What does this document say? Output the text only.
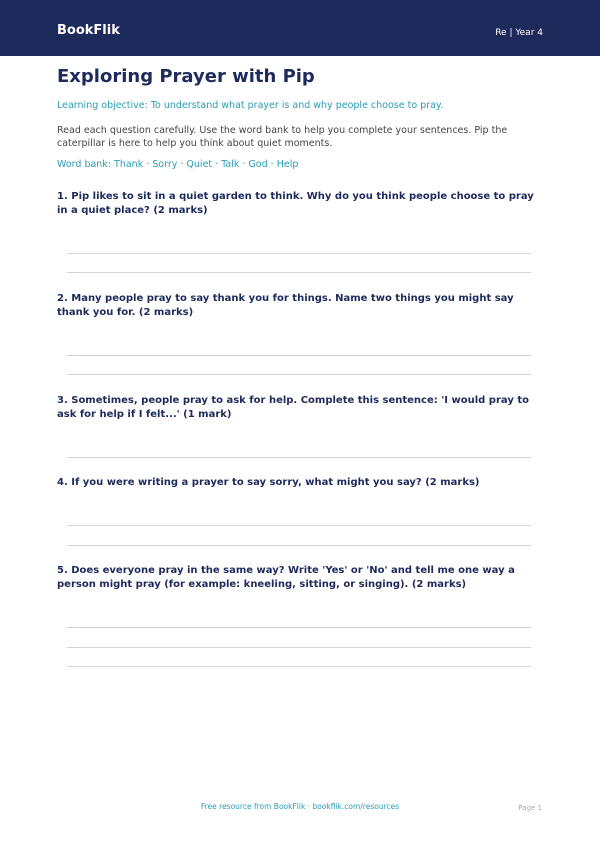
BookFlik	Re | Year 4
Exploring Prayer with Pip
Learning objective: To understand what prayer is and why people choose to pray.
Read each question carefully. Use the word bank to help you complete your sentences. Pip the caterpillar is here to help you think about quiet moments.
Word bank: Thank · Sorry · Quiet · Talk · God · Help
1. Pip likes to sit in a quiet garden to think. Why do you think people choose to pray in a quiet place? (2 marks)
2. Many people pray to say thank you for things. Name two things you might say thank you for. (2 marks)
3. Sometimes, people pray to ask for help. Complete this sentence: 'I would pray to ask for help if I felt...' (1 mark)
4. If you were writing a prayer to say sorry, what might you say? (2 marks)
5. Does everyone pray in the same way? Write 'Yes' or 'No' and tell me one way a person might pray (for example: kneeling, sitting, or singing). (2 marks)
Free resource from BookFlik · bookflik.com/resources	Page 1
